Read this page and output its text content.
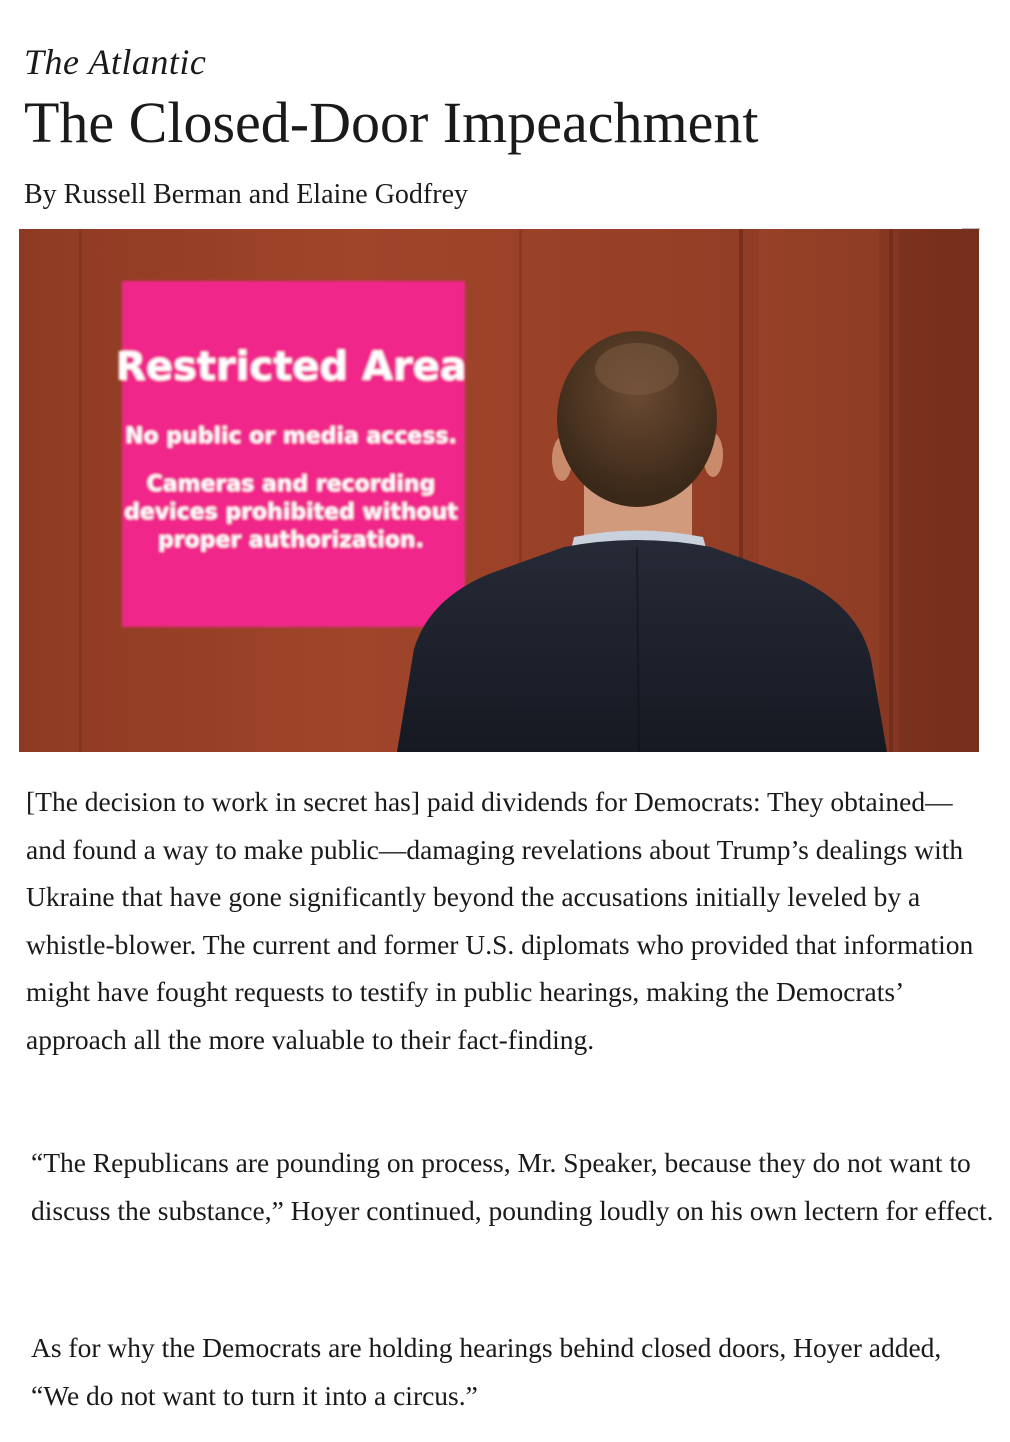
The Atlantic
The Closed-Door Impeachment
By Russell Berman and Elaine Godfrey
Restricted Area
No public or media access.
Cameras and recording
devices prohibited without
proper authorization.

[The decision to work in secret has] paid dividends for Democrats: They obtained—and found a way to make public—damaging revelations about Trump’s dealings with Ukraine that have gone significantly beyond the accusations initially leveled by a whistle-blower. The current and former U.S. diplomats who provided that information might have fought requests to testify in public hearings, making the Democrats’ approach all the more valuable to their fact-finding.

“The Republicans are pounding on process, Mr. Speaker, because they do not want to discuss the substance,” Hoyer continued, pounding loudly on his own lectern for effect.

As for why the Democrats are holding hearings behind closed doors, Hoyer added, “We do not want to turn it into a circus.”
